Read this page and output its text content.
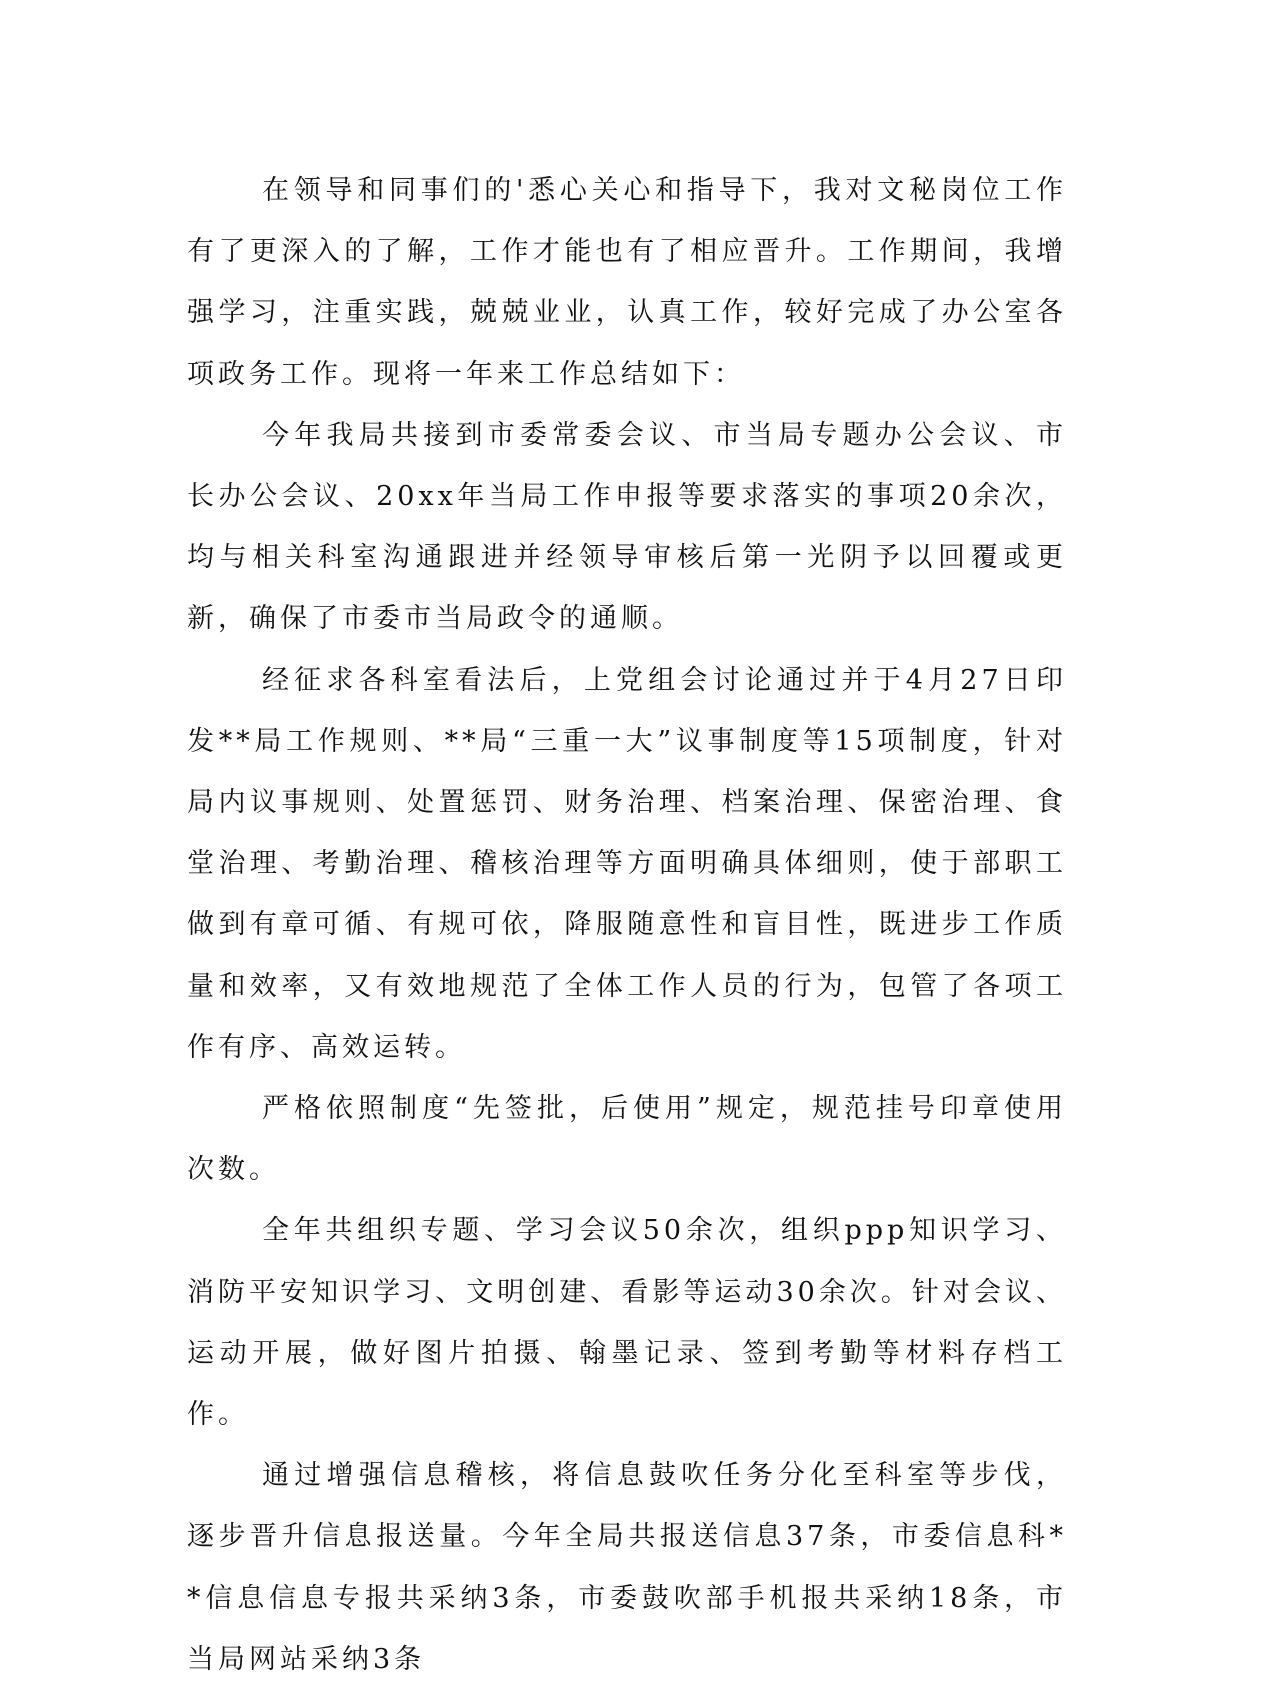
在领导和同事们的'悉心关心和指导下，我对文秘岗位工作有了更深入的了解，工作才能也有了相应晋升。工作期间，我增强学习，注重实践，兢兢业业，认真工作，较好完成了办公室各项政务工作。现将一年来工作总结如下：

今年我局共接到市委常委会议、市当局专题办公会议、市长办公会议、20xx年当局工作申报等要求落实的事项20余次，均与相关科室沟通跟进并经领导审核后第一光阴予以回覆或更新，确保了市委市当局政令的通顺。

经征求各科室看法后，上党组会讨论通过并于4月27日印发**局工作规则、**局“三重一大”议事制度等15项制度，针对局内议事规则、处置惩罚、财务治理、档案治理、保密治理、食堂治理、考勤治理、稽核治理等方面明确具体细则，使于部职工做到有章可循、有规可依，降服随意性和盲目性，既进步工作质量和效率，又有效地规范了全体工作人员的行为，包管了各项工作有序、高效运转。

严格依照制度“先签批，后使用”规定，规范挂号印章使用次数。

全年共组织专题、学习会议50余次，组织ppp知识学习、消防平安知识学习、文明创建、看影等运动30余次。针对会议、运动开展，做好图片拍摄、翰墨记录、签到考勤等材料存档工作。

通过增强信息稽核，将信息鼓吹任务分化至科室等步伐，逐步晋升信息报送量。今年全局共报送信息37条，市委信息科**信息信息专报共采纳3条，市委鼓吹部手机报共采纳18条，市当局网站采纳3条
